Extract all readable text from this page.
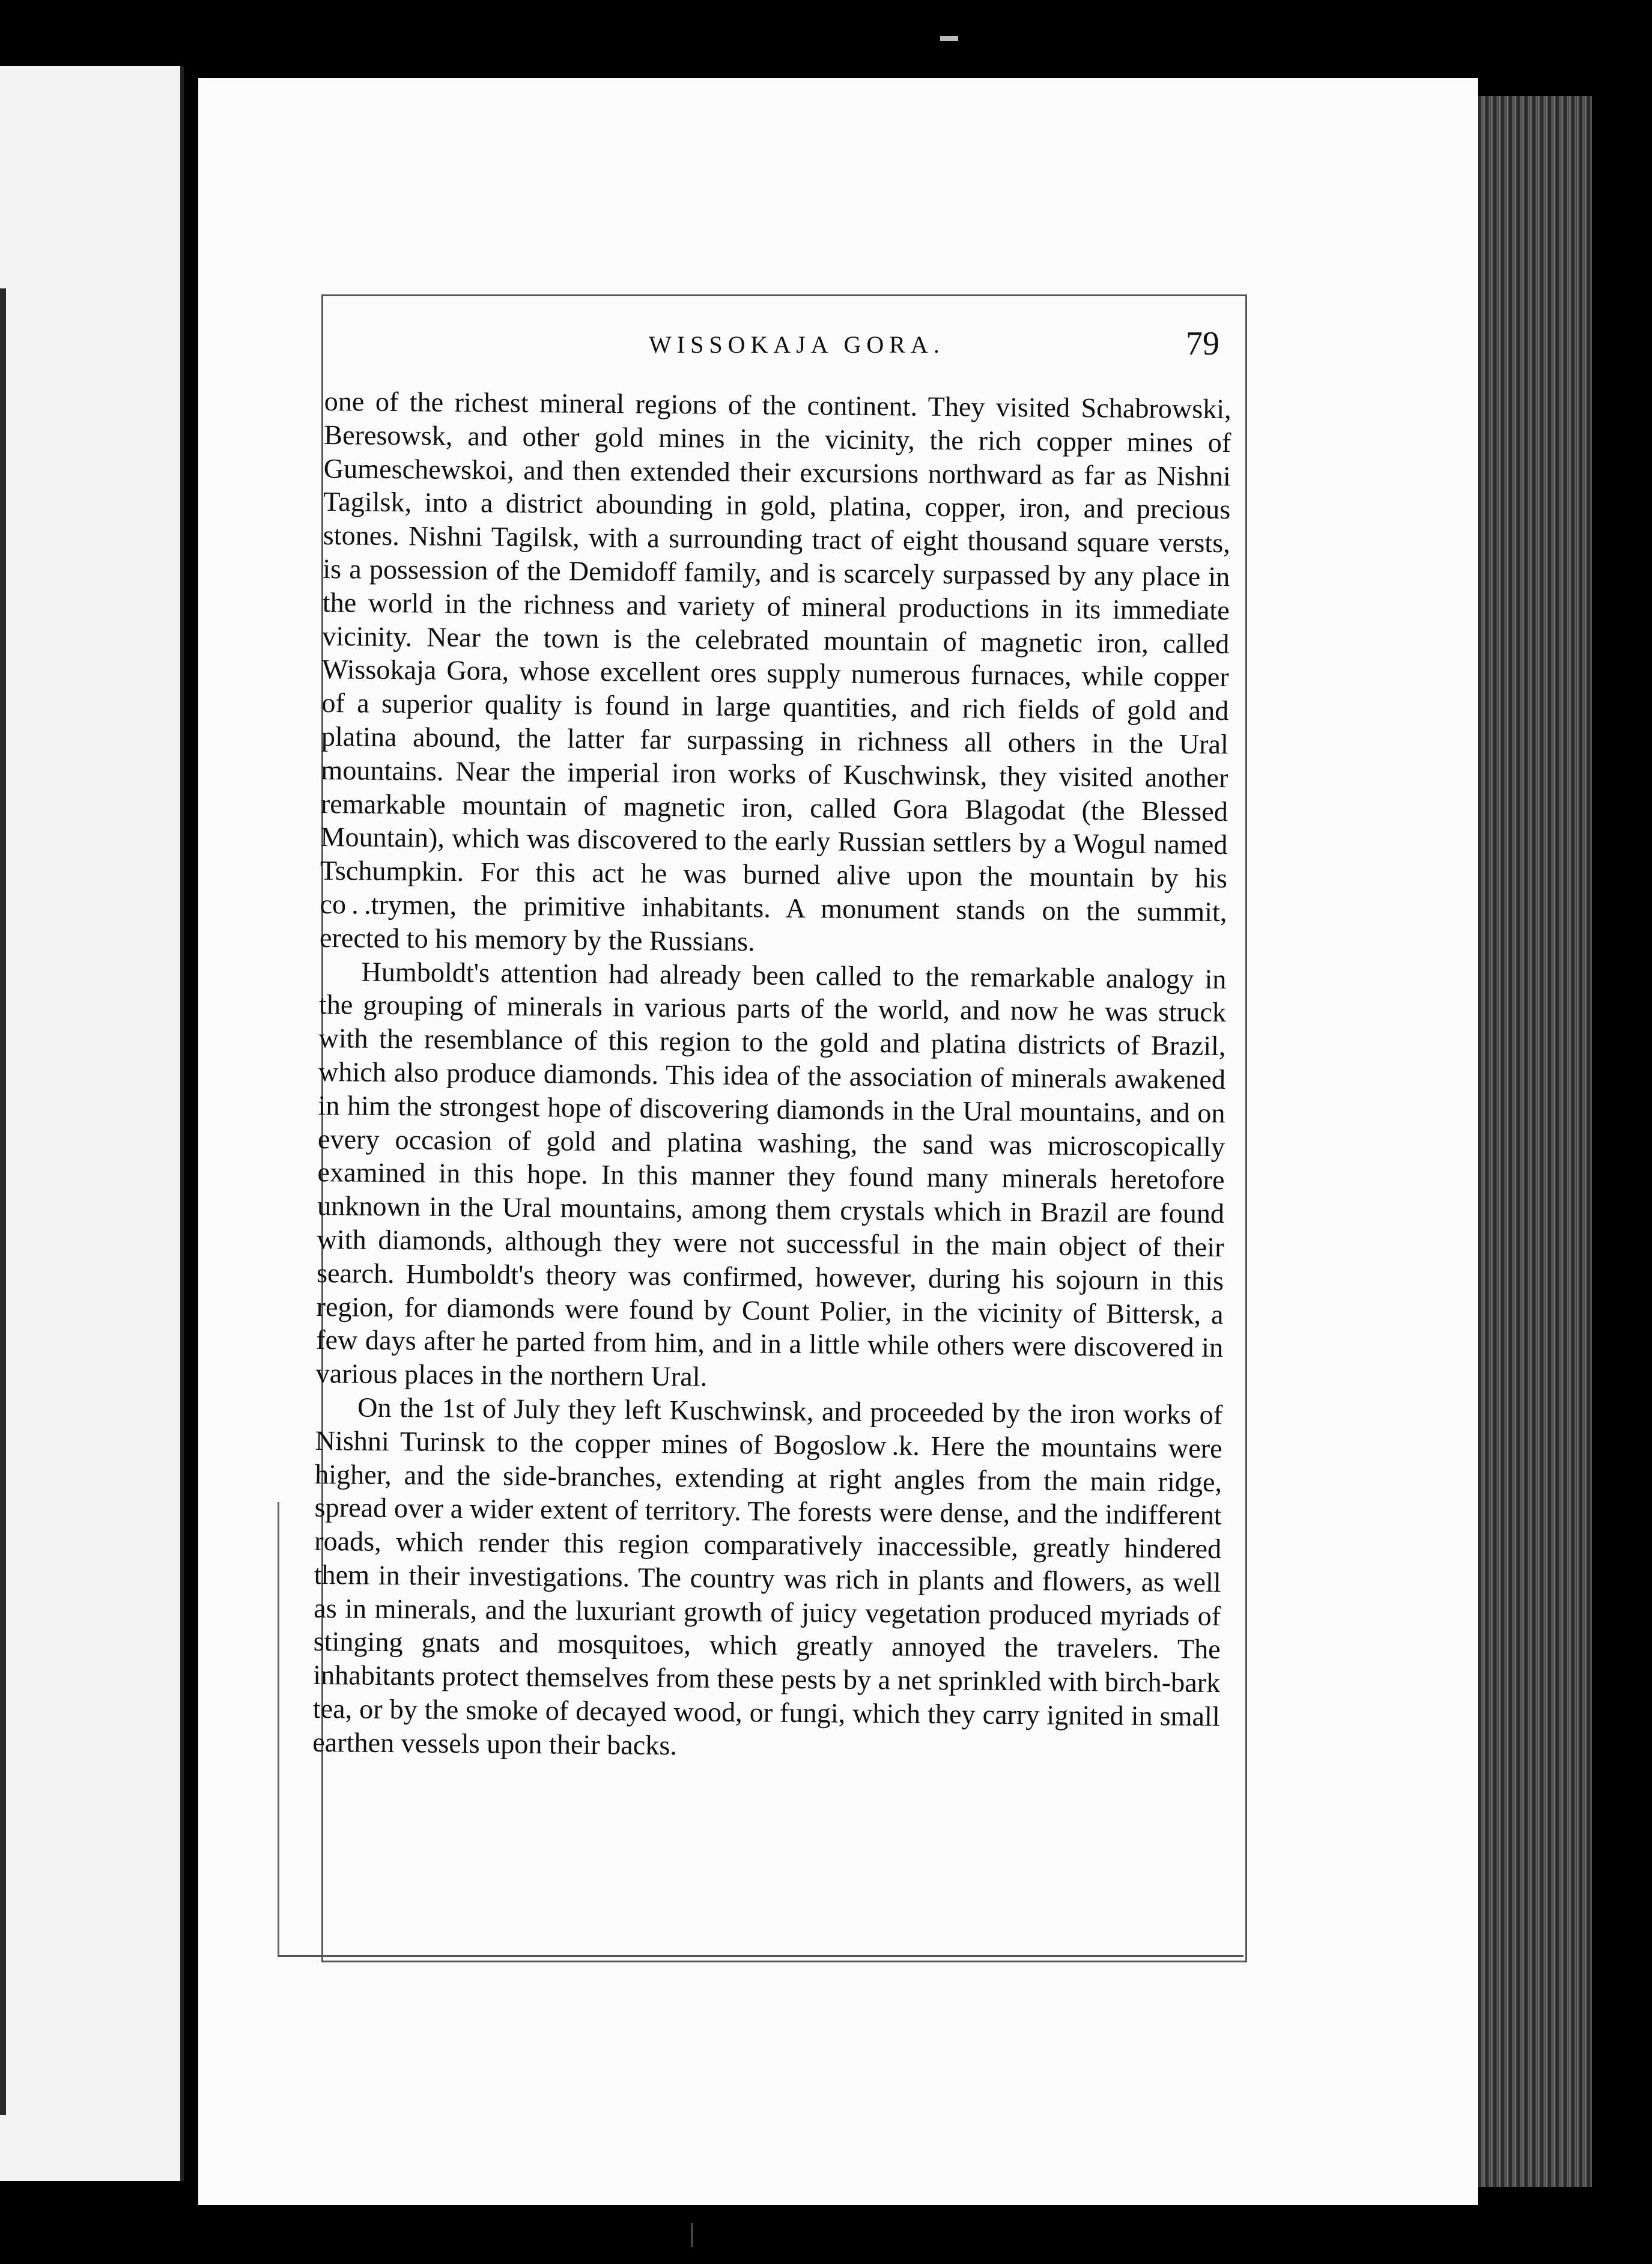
WISSOKAJA GORA.	79

one of the richest mineral regions of the continent. They visited Schabrowski, Beresowsk, and other gold mines in the vicinity, the rich copper mines of Gumeschewskoi, and then extended their excursions northward as far as Nishni Tagilsk, into a district abounding in gold, platina, copper, iron, and precious stones. Nishni Tagilsk, with a surrounding tract of eight thousand square versts, is a possession of the Demidoff family, and is scarcely surpassed by any place in the world in the richness and variety of mineral productions in its immediate vicinity. Near the town is the celebrated mountain of magnetic iron, called Wissokaja Gora, whose excellent ores supply numerous furnaces, while copper of a superior quality is found in large quantities, and rich fields of gold and platina abound, the latter far surpassing in richness all others in the Ural mountains. Near the imperial iron works of Kuschwinsk, they visited another remarkable mountain of magnetic iron, called Gora Blagodat (the Blessed Mountain), which was discovered to the early Russian settlers by a Wogul named Tschumpkin. For this act he was burned alive upon the mountain by his co . .trymen, the primitive inhabitants. A monument stands on the summit, erected to his memory by the Russians.

Humboldt's attention had already been called to the remarkable analogy in the grouping of minerals in various parts of the world, and now he was struck with the resemblance of this region to the gold and platina districts of Brazil, which also produce diamonds. This idea of the association of minerals awakened in him the strongest hope of discovering diamonds in the Ural mountains, and on every occasion of gold and platina washing, the sand was microscopically examined in this hope. In this manner they found many minerals heretofore unknown in the Ural mountains, among them crystals which in Brazil are found with diamonds, although they were not successful in the main object of their search. Humboldt's theory was confirmed, however, during his sojourn in this region, for diamonds were found by Count Polier, in the vicinity of Bittersk, a few days after he parted from him, and in a little while others were discovered in various places in the northern Ural.

On the 1st of July they left Kuschwinsk, and proceeded by the iron works of Nishni Turinsk to the copper mines of Bogoslow .k. Here the mountains were higher, and the side-branches, extending at right angles from the main ridge, spread over a wider extent of territory. The forests were dense, and the indifferent roads, which render this region comparatively inaccessible, greatly hindered them in their investigations. The country was rich in plants and flowers, as well as in minerals, and the luxuriant growth of juicy vegetation produced myriads of stinging gnats and mosquitoes, which greatly annoyed the travelers. The inhabitants protect themselves from these pests by a net sprinkled with birch-bark tea, or by the smoke of decayed wood, or fungi, which they carry ignited in small earthen vessels upon their backs.
